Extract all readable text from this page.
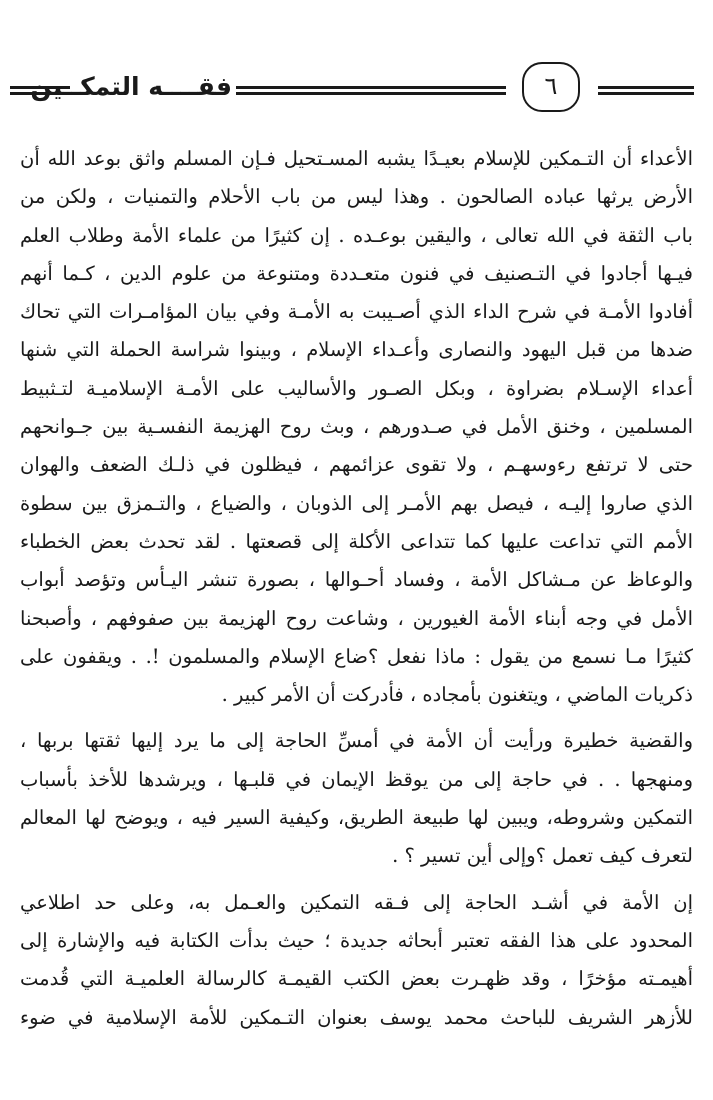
فقــــه التمكــين	٦
الأعداء أن التـمكين للإسلام بعيـدًا يشبه المسـتحيل فـإن المسلم واثق بوعد الله أن
الأرض يرثها عباده الصالحون . وهذا ليس من باب الأحلام والتمنيات ، ولكن من
باب الثقة في الله تعالى ، واليقين بوعـده . إن كثيرًا من علماء الأمة وطلاب العلم
فيـها أجادوا في التـصنيف في فنون متعـددة ومتنوعة من علوم الدين ، كـما أنهم
أفادوا الأمـة في شرح الداء الذي أصـيبت به الأمـة وفي بيان المؤامـرات التي تحاك
ضدها من قبل اليهود والنصارى وأعـداء الإسلام ، وبينوا شراسة الحملة التي شنها
أعداء الإسـلام بضراوة ، وبكل الصـور والأساليب على الأمـة الإسلاميـة لتـثبيط
المسلمين ، وخنق الأمل في صـدورهم ، وبث روح الهزيمة النفسـية بين جـوانحهم
حتى لا ترتفع رءوسهـم ، ولا تقوى عزائمهم ، فيظلون في ذلـك الضعف والهوان
الذي صاروا إليـه ، فيصل بهم الأمـر إلى الذوبان ، والضياع ، والتـمزق بين سطوة
الأمم التي تداعت عليها كما تتداعى الأكلة إلى قصعتها . لقد تحدث بعض الخطباء
والوعاظ عن مـشاكل الأمة ، وفساد أحـوالها ، بصورة تنشر اليـأس وتؤصد أبواب
الأمل في وجه أبناء الأمة الغيورين ، وشاعت روح الهزيمة بين صفوفهم ، وأصبحنا
كثيرًا مـا نسمع من يقول : ماذا نفعل ؟ضاع الإسلام والمسلمون !. . ويقفون على
ذكريات الماضي ، ويتغنون بأمجاده ، فأدركت أن الأمر كبير .
والقضية خطيرة ورأيت أن الأمة في أمسِّ الحاجة إلى ما يرد إليها ثقتها بربها ،
ومنهجها . . في حاجة إلى من يوقظ الإيمان في قلبـها ، ويرشدها للأخذ بأسباب
التمكين وشروطه، ويبين لها طبيعة الطريق، وكيفية السير فيه ، ويوضح لها المعالم
لتعرف كيف تعمل ؟وإلى أين تسير ؟ .
إن الأمة في أشـد الحاجة إلى فـقه التمكين والعـمل به، وعلى حد اطلاعي
المحدود على هذا الفقه تعتبر أبحاثه جديدة ؛ حيث بدأت الكتابة فيه والإشارة إلى
أهيمـته مؤخرًا ، وقد ظهـرت بعض الكتب القيمـة كالرسالة العلميـة التي قُدمت
للأزهر الشريف للباحث محمد يوسف بعنوان التـمكين للأمة الإسلامية في ضوء
